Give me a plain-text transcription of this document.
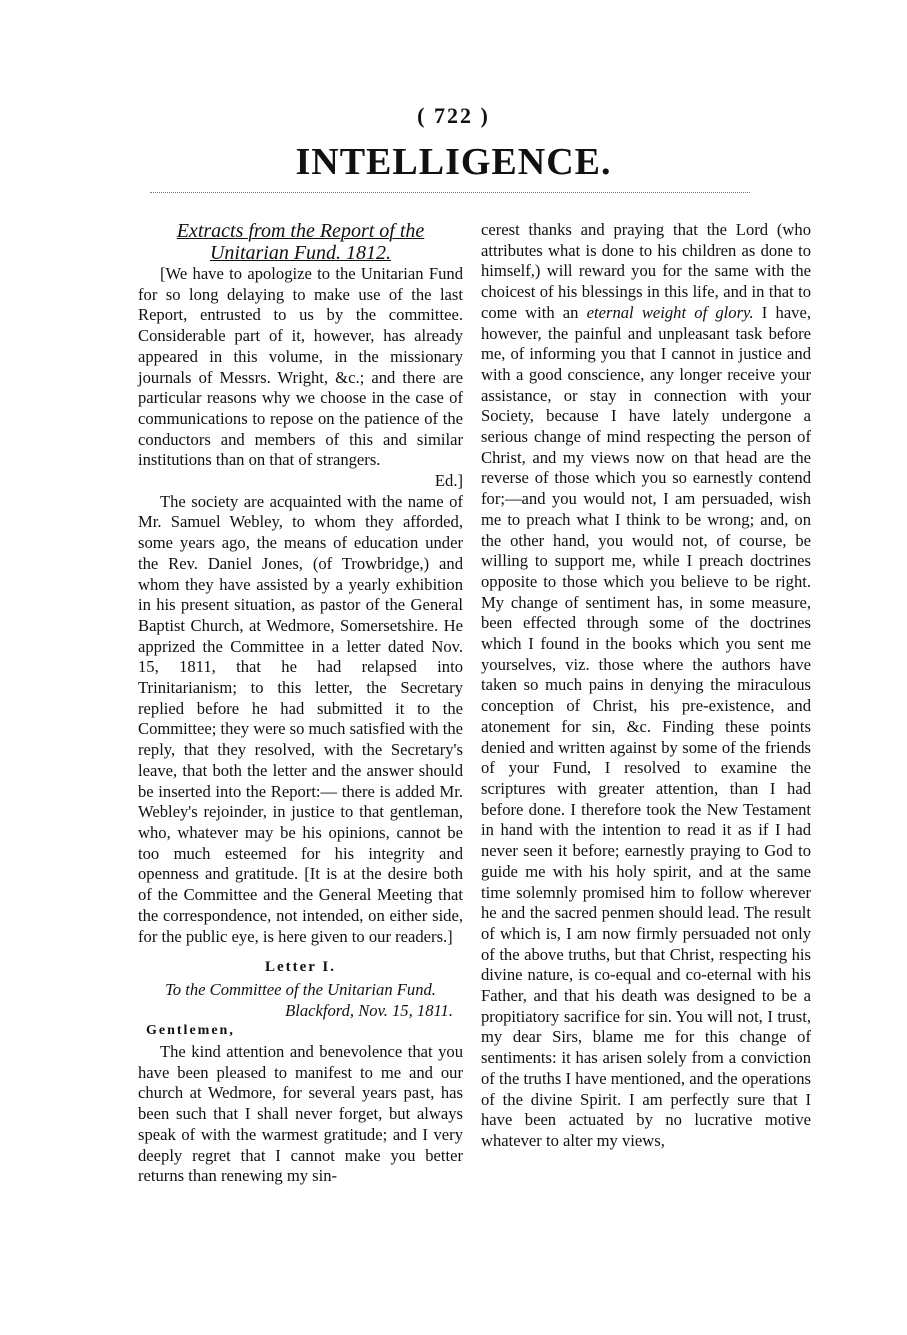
( 722 )
INTELLIGENCE.

Extracts from the Report of the Unitarian Fund. 1812.

[We have to apologize to the Unitarian Fund for so long delaying to make use of the last Report, entrusted to us by the committee. Considerable part of it, however, has already appeared in this volume, in the missionary journals of Messrs. Wright, &c.; and there are particular reasons why we choose in the case of communications to repose on the patience of the conductors and members of this and similar institutions than on that of strangers.
Ed.]

The society are acquainted with the name of Mr. Samuel Webley, to whom they afforded, some years ago, the means of education under the Rev. Daniel Jones, (of Trowbridge,) and whom they have assisted by a yearly exhibition in his present situation, as pastor of the General Baptist Church, at Wedmore, Somersetshire. He apprized the Committee in a letter dated Nov. 15, 1811, that he had relapsed into Trinitarianism; to this letter, the Secretary replied before he had submitted it to the Committee; they were so much satisfied with the reply, that they resolved, with the Secretary's leave, that both the letter and the answer should be inserted into the Report:— there is added Mr. Webley's rejoinder, in justice to that gentleman, who, whatever may be his opinions, cannot be too much esteemed for his integrity and openness and gratitude. [It is at the desire both of the Committee and the General Meeting that the correspondence, not intended, on either side, for the public eye, is here given to our readers.]

Letter I.

To the Committee of the Unitarian Fund.

Blackford, Nov. 15, 1811.

Gentlemen,

The kind attention and benevolence that you have been pleased to manifest to me and our church at Wedmore, for several years past, has been such that I shall never forget, but always speak of with the warmest gratitude; and I very deeply regret that I cannot make you better returns than renewing my sin-

cerest thanks and praying that the Lord (who attributes what is done to his children as done to himself,) will reward you for the same with the choicest of his blessings in this life, and in that to come with an eternal weight of glory. I have, however, the painful and unpleasant task before me, of informing you that I cannot in justice and with a good conscience, any longer receive your assistance, or stay in connection with your Society, because I have lately undergone a serious change of mind respecting the person of Christ, and my views now on that head are the reverse of those which you so earnestly contend for;—and you would not, I am persuaded, wish me to preach what I think to be wrong; and, on the other hand, you would not, of course, be willing to support me, while I preach doctrines opposite to those which you believe to be right. My change of sentiment has, in some measure, been effected through some of the doctrines which I found in the books which you sent me yourselves, viz. those where the authors have taken so much pains in denying the miraculous conception of Christ, his pre-existence, and atonement for sin, &c. Finding these points denied and written against by some of the friends of your Fund, I resolved to examine the scriptures with greater attention, than I had before done. I therefore took the New Testament in hand with the intention to read it as if I had never seen it before; earnestly praying to God to guide me with his holy spirit, and at the same time solemnly promised him to follow wherever he and the sacred penmen should lead. The result of which is, I am now firmly persuaded not only of the above truths, but that Christ, respecting his divine nature, is co-equal and co-eternal with his Father, and that his death was designed to be a propitiatory sacrifice for sin. You will not, I trust, my dear Sirs, blame me for this change of sentiments: it has arisen solely from a conviction of the truths I have mentioned, and the operations of the divine Spirit. I am perfectly sure that I have been actuated by no lucrative motive whatever to alter my views,
